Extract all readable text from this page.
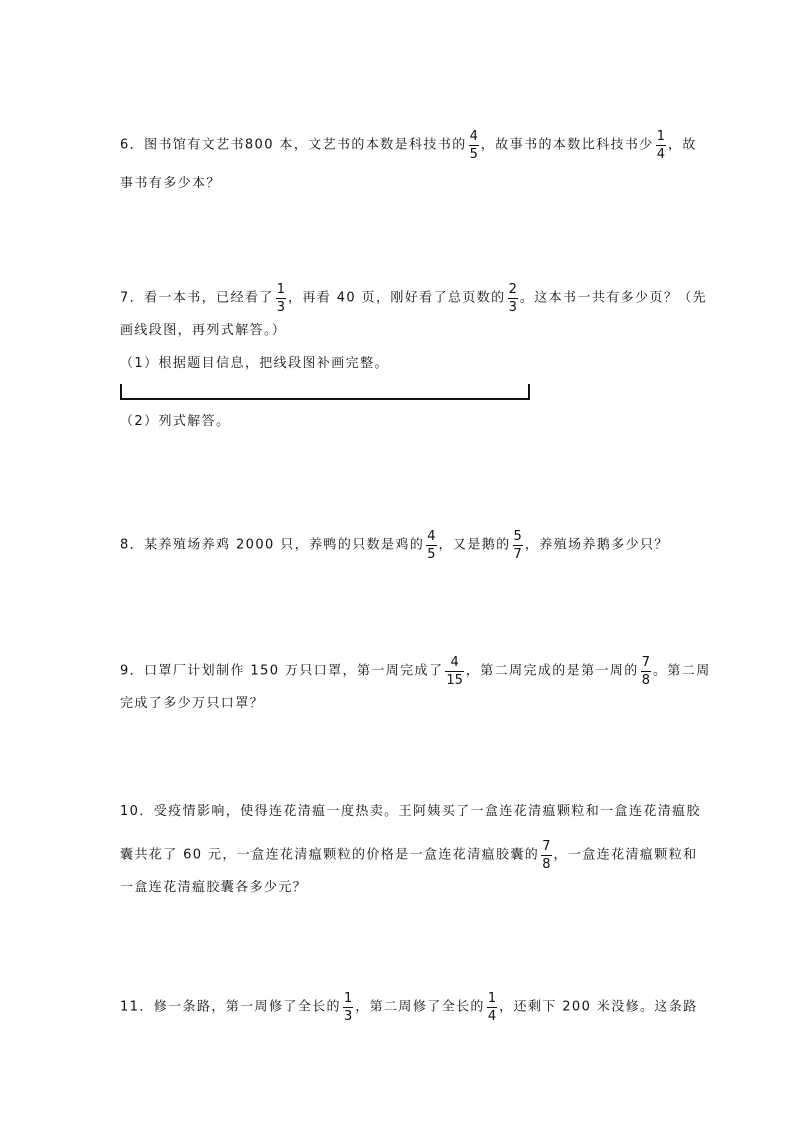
6．图书馆有文艺书800 本，文艺书的本数是科技书的 $\frac{4}{5}$ ，故事书的本数比科技书少 $\frac{1}{4}$ ，故
事书有多少本？
7．看一本书，已经看了 $\frac{1}{3}$ ，再看 40 页，刚好看了总页数的 $\frac{2}{3}$ 。这本书一共有多少页？（先
画线段图，再列式解答。）
（1）根据题目信息，把线段图补画完整。
（2）列式解答。
8．某养殖场养鸡 2000 只，养鸭的只数是鸡的 $\frac{4}{5}$ ，又是鹅的 $\frac{5}{7}$ ，养殖场养鹅多少只？
9．口罩厂计划制作 150 万只口罩，第一周完成了 $\frac{4}{15}$ ，第二周完成的是第一周的 $\frac{7}{8}$ 。第二周
完成了多少万只口罩？
10．受疫情影响，使得连花清瘟一度热卖。王阿姨买了一盒连花清瘟颗粒和一盒连花清瘟胶
囊共花了 60 元，一盒连花清瘟颗粒的价格是一盒连花清瘟胶囊的 $\frac{7}{8}$ ，一盒连花清瘟颗粒和
一盒连花清瘟胶囊各多少元？
11．修一条路，第一周修了全长的 $\frac{1}{3}$ ，第二周修了全长的 $\frac{1}{4}$ ，还剩下 200 米没修。这条路
